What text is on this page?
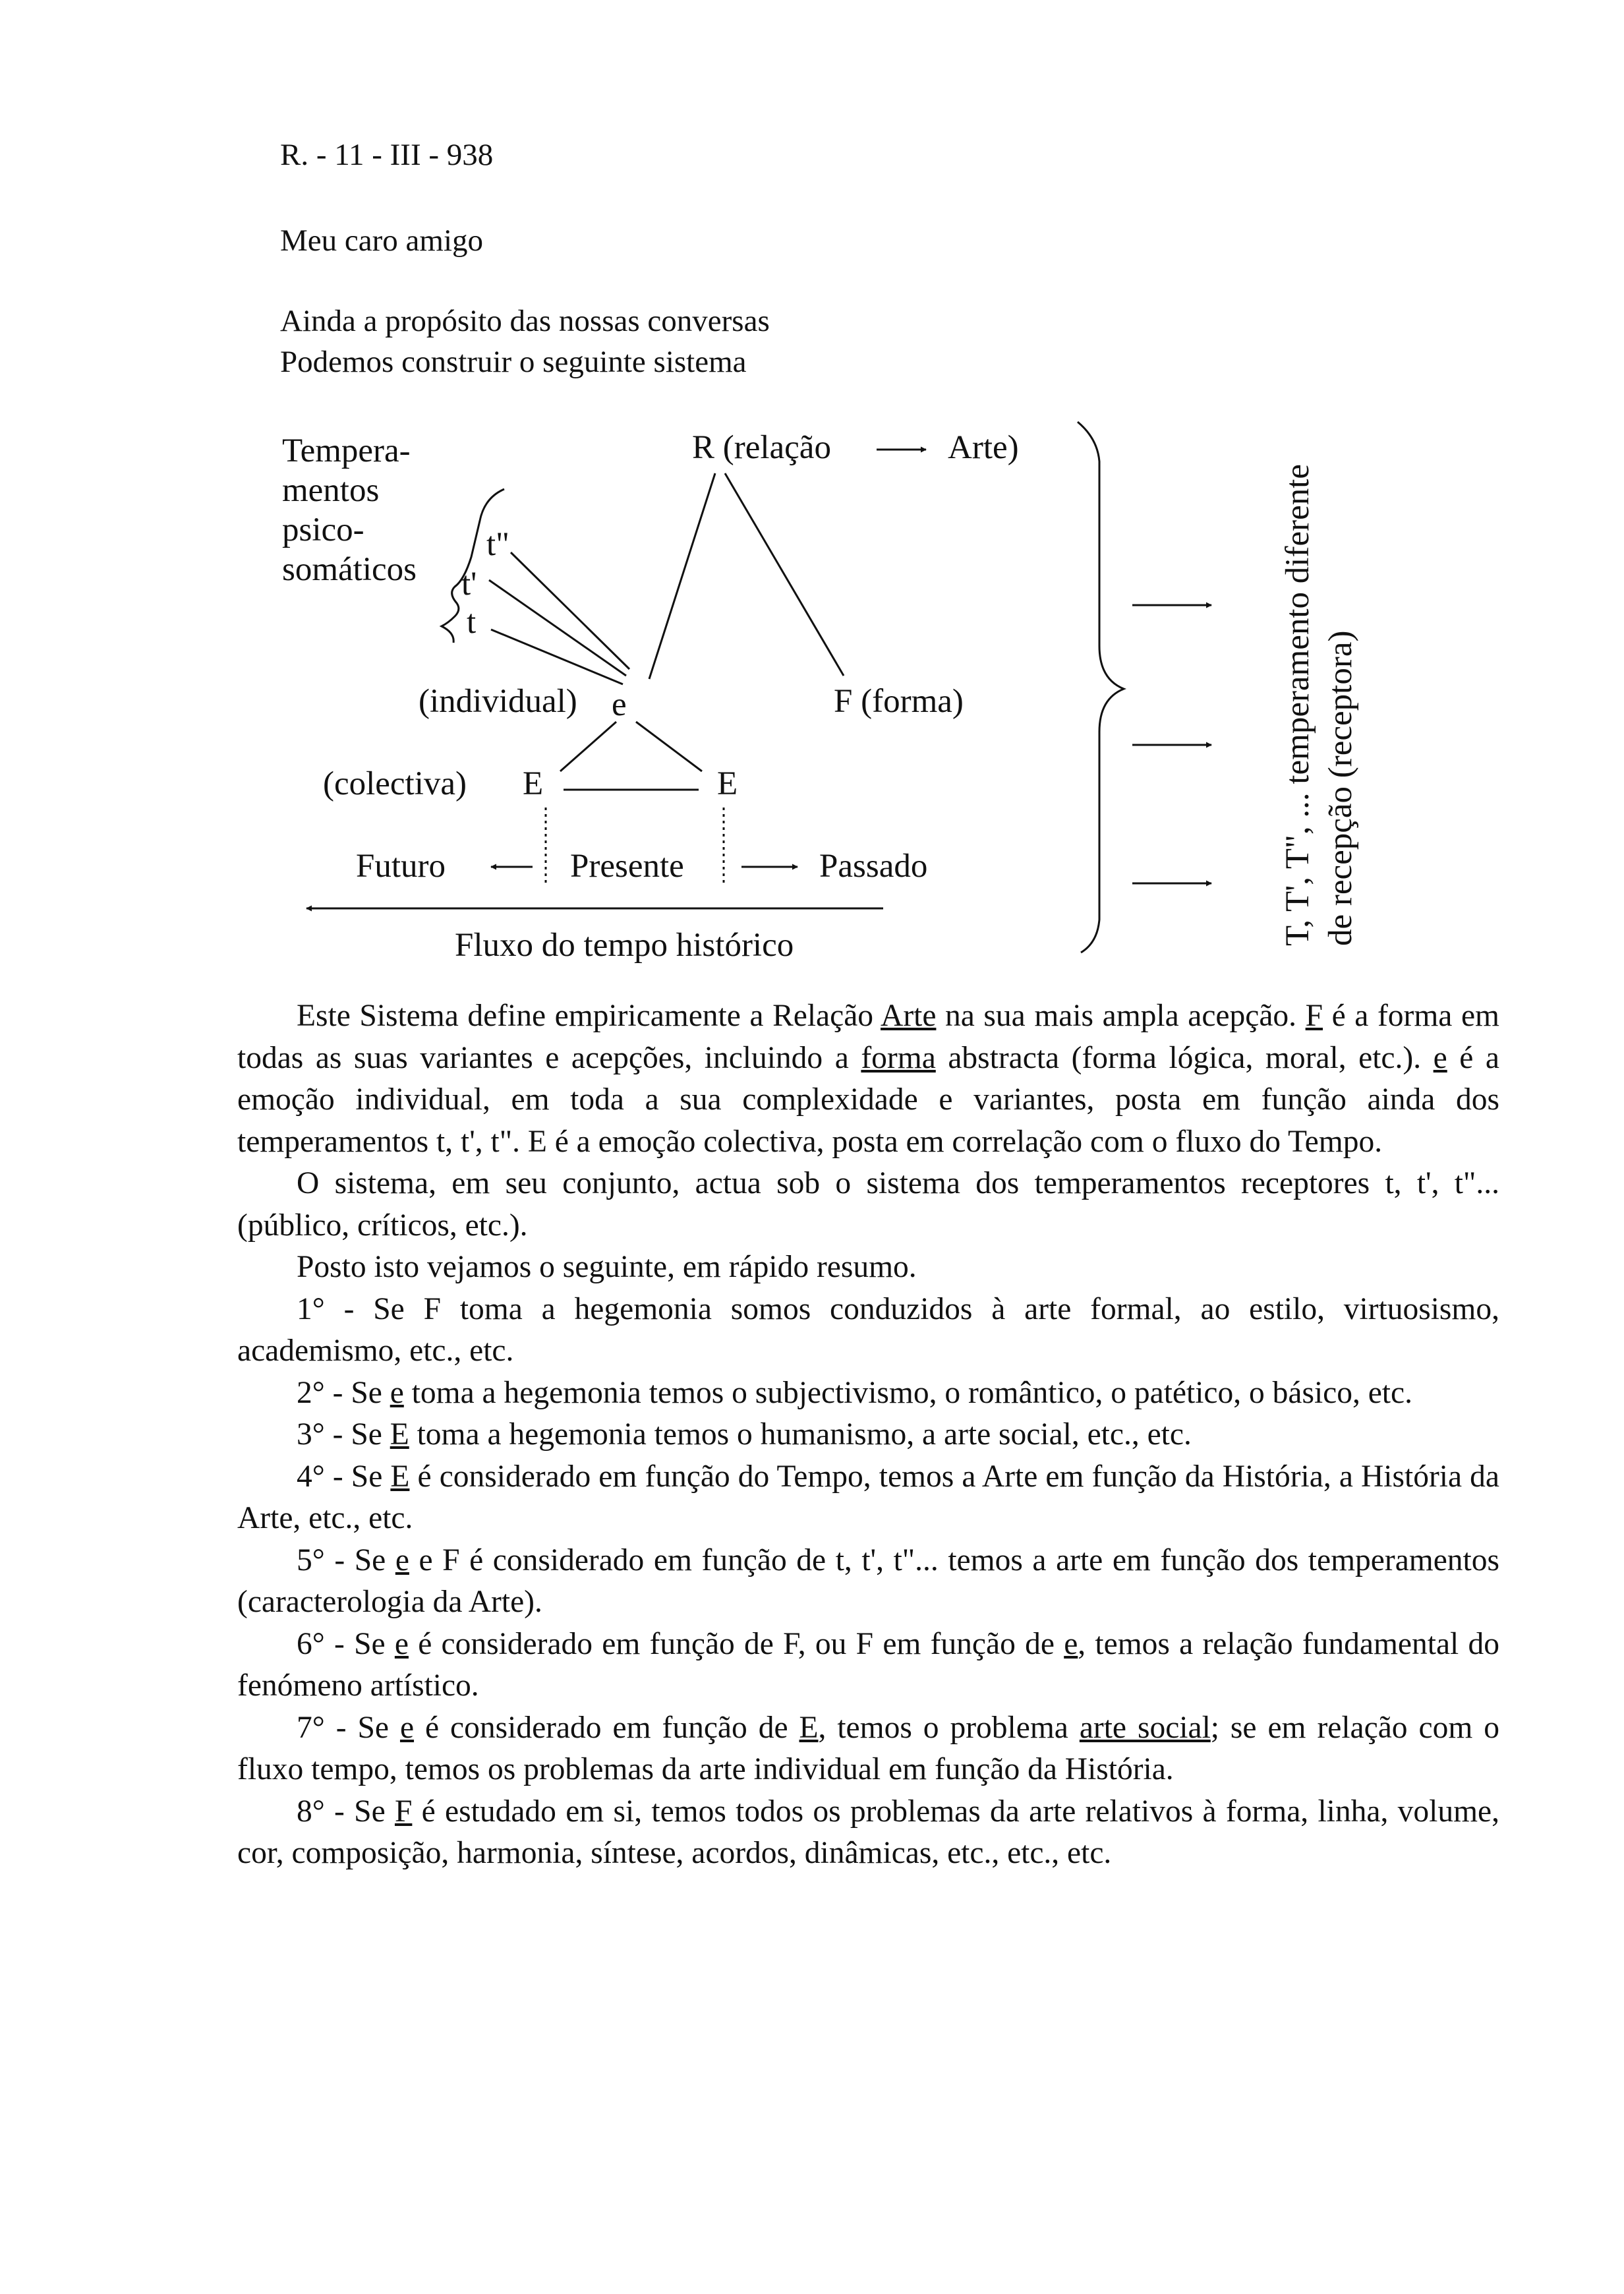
R. - 11 - III - 938
Meu caro amigo
Ainda a propósito das nossas conversas
Podemos construir o seguinte sistema
Tempera-
mentos
psico-
somáticos
t"
t'
t
R (relação	Arte)
(individual) e	F (forma)
(colectiva) E	E
Futuro	Presente	Passado
Fluxo do tempo histórico	T, T', T", ... temperamento diferente de recepção (receptora)

Este Sistema define empiricamente a Relação Arte na sua mais ampla acepção. F é a forma em todas as suas variantes e acepções, incluindo a forma abstracta (forma lógica, moral, etc.). e é a emoção individual, em toda a sua complexidade e variantes, posta em função ainda dos temperamentos t, t', t". E é a emoção colectiva, posta em correlação com o fluxo do Tempo.

O sistema, em seu conjunto, actua sob o sistema dos temperamentos receptores t, t', t"... (público, críticos, etc.).

Posto isto vejamos o seguinte, em rápido resumo.

1° - Se F toma a hegemonia somos conduzidos à arte formal, ao estilo, virtuosismo, academismo, etc., etc.

2° - Se e toma a hegemonia temos o subjectivismo, o romântico, o patético, o básico, etc.

3° - Se E toma a hegemonia temos o humanismo, a arte social, etc., etc.

4° - Se E é considerado em função do Tempo, temos a Arte em função da História, a História da Arte, etc., etc.

5° - Se e e F é considerado em função de t, t', t"... temos a arte em função dos temperamentos (caracterologia da Arte).

6° - Se e é considerado em função de F, ou F em função de e, temos a relação fundamental do fenómeno artístico.

7° - Se e é considerado em função de E, temos o problema arte social; se em relação com o fluxo tempo, temos os problemas da arte individual em função da História.

8° - Se F é estudado em si, temos todos os problemas da arte relativos à forma, linha, volume, cor, composição, harmonia, síntese, acordos, dinâmicas, etc., etc., etc.
